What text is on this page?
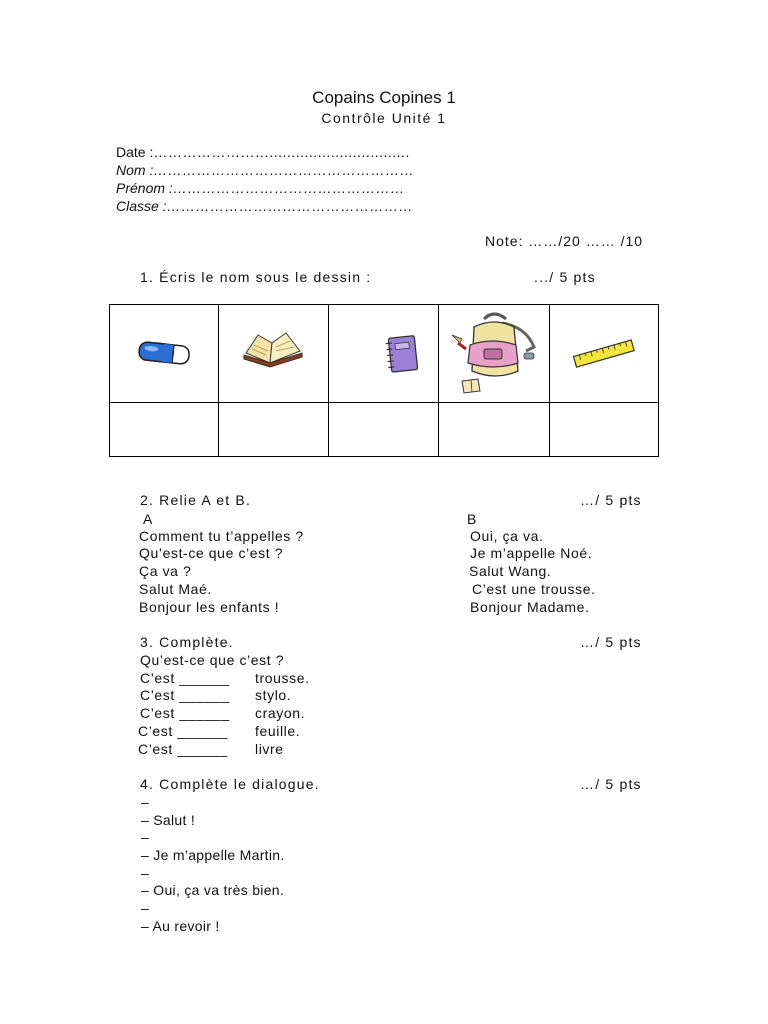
Copains Copines 1
Contrôle Unité 1
Date :……………………................................
Nom :………………………………………………
Prénom :…………………………………………
Classe :……………………………………………
Note: ……/20 …… /10
1. Écris le nom sous le dessin :	.../ 5 pts

2. Relie A et B.	…/ 5 pts
A	B
Comment tu t’appelles ?
Qu’est-ce que c’est ?
Ça va ?
Salut Maé.
Bonjour les enfants !
Oui, ça va.
Je m’appelle Noé.
Salut Wang.
C’est une trousse.
Bonjour Madame.
3. Complète.	…/ 5 pts
Qu’est-ce que c’est ?
C’est ______ trousse.
C’est ______ stylo.
C’est ______ crayon.
C’est ______ feuille.
C’est ______ livre
4. Complète le dialogue.	…/ 5 pts
–
– Salut !
–
– Je m’appelle Martin.
–
– Oui, ça va très bien.
–
– Au revoir !
